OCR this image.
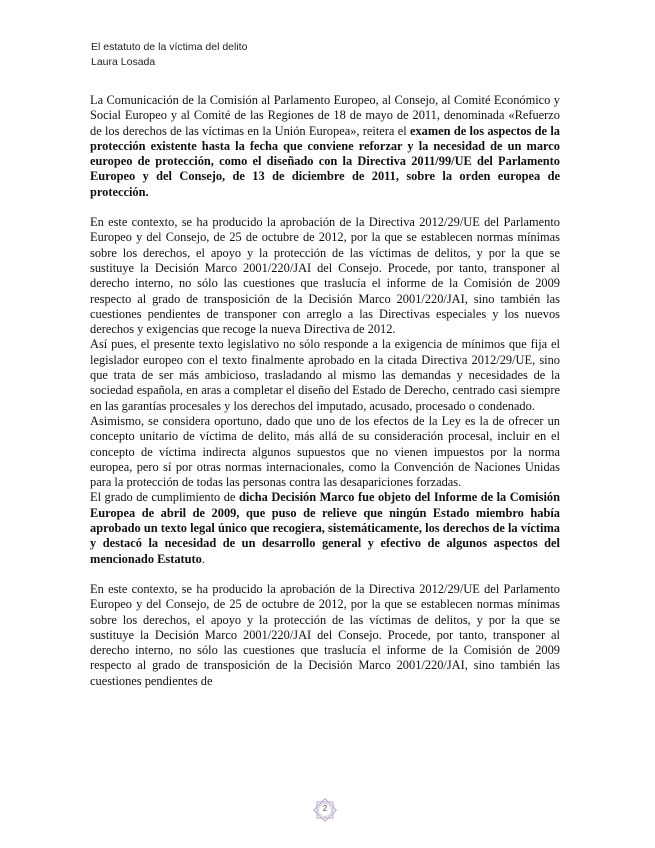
El estatuto de la víctima del delito
Laura Losada

La Comunicación de la Comisión al Parlamento Europeo, al Consejo, al Comité Económico y Social Europeo y al Comité de las Regiones de 18 de mayo de 2011, denominada «Refuerzo de los derechos de las víctimas en la Unión Europea», reitera el examen de los aspectos de la protección existente hasta la fecha que conviene reforzar y la necesidad de un marco europeo de protección, como el diseñado con la Directiva 2011/99/UE del Parlamento Europeo y del Consejo, de 13 de diciembre de 2011, sobre la orden europea de protección.

En este contexto, se ha producido la aprobación de la Directiva 2012/29/UE del Parlamento Europeo y del Consejo, de 25 de octubre de 2012, por la que se establecen normas mínimas sobre los derechos, el apoyo y la protección de las víctimas de delitos, y por la que se sustituye la Decisión Marco 2001/220/JAI del Consejo. Procede, por tanto, transponer al derecho interno, no sólo las cuestiones que traslucía el informe de la Comisión de 2009 respecto al grado de transposición de la Decisión Marco 2001/220/JAI, sino también las cuestiones pendientes de transponer con arreglo a las Directivas especiales y los nuevos derechos y exigencias que recoge la nueva Directiva de 2012.

Así pues, el presente texto legislativo no sólo responde a la exigencia de mínimos que fija el legislador europeo con el texto finalmente aprobado en la citada Directiva 2012/29/UE, sino que trata de ser más ambicioso, trasladando al mismo las demandas y necesidades de la sociedad española, en aras a completar el diseño del Estado de Derecho, centrado casi siempre en las garantías procesales y los derechos del imputado, acusado, procesado o condenado.

Asimismo, se considera oportuno, dado que uno de los efectos de la Ley es la de ofrecer un concepto unitario de víctima de delito, más allá de su consideración procesal, incluir en el concepto de víctima indirecta algunos supuestos que no vienen impuestos por la norma europea, pero sí por otras normas internacionales, como la Convención de Naciones Unidas para la protección de todas las personas contra las desapariciones forzadas.

El grado de cumplimiento de dicha Decisión Marco fue objeto del Informe de la Comisión Europea de abril de 2009, que puso de relieve que ningún Estado miembro había aprobado un texto legal único que recogiera, sistemáticamente, los derechos de la víctima y destacó la necesidad de un desarrollo general y efectivo de algunos aspectos del mencionado Estatuto.

En este contexto, se ha producido la aprobación de la Directiva 2012/29/UE del Parlamento Europeo y del Consejo, de 25 de octubre de 2012, por la que se establecen normas mínimas sobre los derechos, el apoyo y la protección de las víctimas de delitos, y por la que se sustituye la Decisión Marco 2001/220/JAI del Consejo. Procede, por tanto, transponer al derecho interno, no sólo las cuestiones que traslucía el informe de la Comisión de 2009 respecto al grado de transposición de la Decisión Marco 2001/220/JAI, sino también las cuestiones pendientes de

2
